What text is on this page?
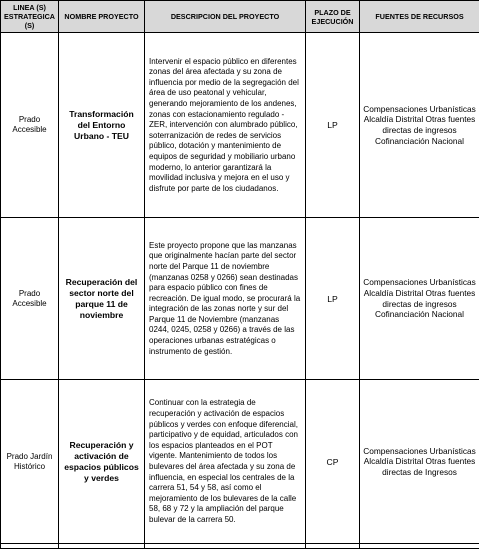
LINEA (S) ESTRATEGICA (S)	NOMBRE PROYECTO	DESCRIPCION DEL PROYECTO	PLAZO DE EJECUCIÓN	FUENTES DE RECURSOS
Prado Accesible	Transformación del Entorno Urbano - TEU	Intervenir el espacio público en diferentes zonas del área afectada y su zona de influencia por medio de la segregación del área de uso peatonal y vehicular, generando mejoramiento de los andenes, zonas con estacionamiento regulado - ZER, intervención con alumbrado público, soterranización de redes de servicios público, dotación y mantenimiento de equipos de seguridad y mobiliario urbano moderno, lo anterior garantizará la movilidad inclusiva y mejora en el uso y disfrute por parte de los ciudadanos.	LP	Compensaciones Urbanísticas Alcaldía Distrital Otras fuentes directas de ingresos Cofinanciación Nacional
Prado Accesible	Recuperación del sector norte del parque 11 de noviembre	Este proyecto propone que las manzanas que originalmente hacían parte del sector norte del Parque 11 de noviembre (manzanas 0258 y 0266) sean destinadas para espacio público con fines de recreación. De igual modo, se procurará la integración de las zonas norte y sur del Parque 11 de Noviembre (manzanas 0244, 0245, 0258 y 0266) a través de las operaciones urbanas estratégicas o instrumento de gestión.	LP	Compensaciones Urbanísticas Alcaldía Distrital Otras fuentes directas de ingresos Cofinanciación Nacional
Prado Jardín Histórico	Recuperación y activación de espacios públicos y verdes	Continuar con la estrategia de recuperación y activación de espacios públicos y verdes con enfoque diferencial, participativo y de equidad, articulados con los espacios planteados en el POT vigente. Mantenimiento de todos los bulevares del área afectada y su zona de influencia, en especial los centrales de la carrera 51, 54 y 58, así como el mejoramiento de los bulevares de la calle 58, 68 y 72 y la ampliación del parque bulevar de la carrera 50.	CP	Compensaciones Urbanísticas Alcaldía Distrital Otras fuentes directas de Ingresos
